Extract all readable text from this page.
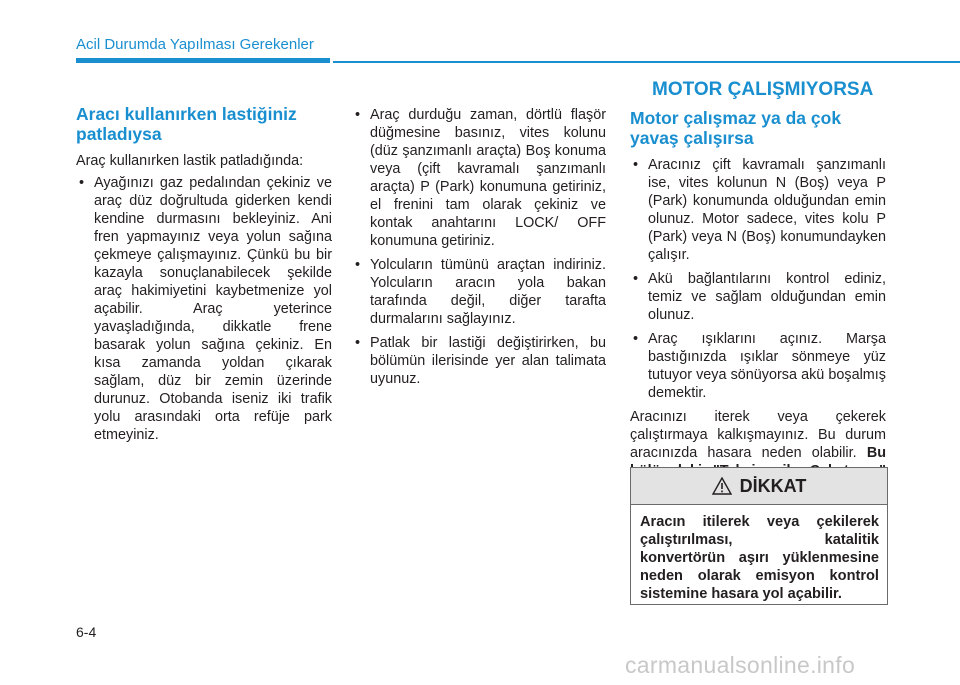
Acil Durumda Yapılması Gerekenler
Aracı kullanırken lastiğiniz patladıysa

Araç kullanırken lastik patladığında:

• Ayağınızı gaz pedalından çekiniz ve araç düz doğrultuda giderken kendi kendine durmasını bekleyiniz. Ani fren yapmayınız veya yolun sağına çekmeye çalışmayınız. Çünkü bu bir kazayla sonuçlanabilecek şekilde araç hakimiyetini kaybetmenize yol açabilir. Araç yeterince yavaşladığında, dikkatle frene basarak yolun sağına çekiniz. En kısa zamanda yoldan çıkarak sağlam, düz bir zemin üzerinde durunuz. Otobanda iseniz iki trafik yolu arasındaki orta refüje park etmeyiniz.
• Araç durduğu zaman, dörtlü flaşör düğmesine basınız, vites kolunu (düz şanzımanlı araçta) Boş konuma veya (çift kavramalı şanzımanlı araçta) P (Park) konumuna getiriniz, el frenini tam olarak çekiniz ve kontak anahtarını LOCK/ OFF konumuna getiriniz.
• Yolcuların tümünü araçtan indiriniz. Yolcuların aracın yola bakan tarafında değil, diğer tarafta durmalarını sağlayınız.
• Patlak bir lastiği değiştirirken, bu bölümün ilerisinde yer alan talimata uyunuz.
MOTOR ÇALIŞMIYORSA
Motor çalışmaz ya da çok yavaş çalışırsa
• Aracınız çift kavramalı şanzımanlı ise, vites kolunun N (Boş) veya P (Park) konumunda olduğundan emin olunuz. Motor sadece, vites kolu P (Park) veya N (Boş) konumundayken çalışır.
• Akü bağlantılarını kontrol ediniz, temiz ve sağlam olduğundan emin olunuz.
• Araç ışıklarını açınız. Marşa bastığınızda ışıklar sönmeye yüz tutuyor veya sönüyorsa akü boşalmış demektir.

Aracınızı iterek veya çekerek çalıştırmaya kalkışmayınız. Bu durum aracınızda hasara neden olabilir. Bu

DİKKAT
Aracın itilerek veya çekilerek çalıştırılması, katalitik konvertörün aşırı yüklenmesine neden olarak emisyon kontrol sistemine hasara yol açabilir.
6-4
carmanualsonline.info
